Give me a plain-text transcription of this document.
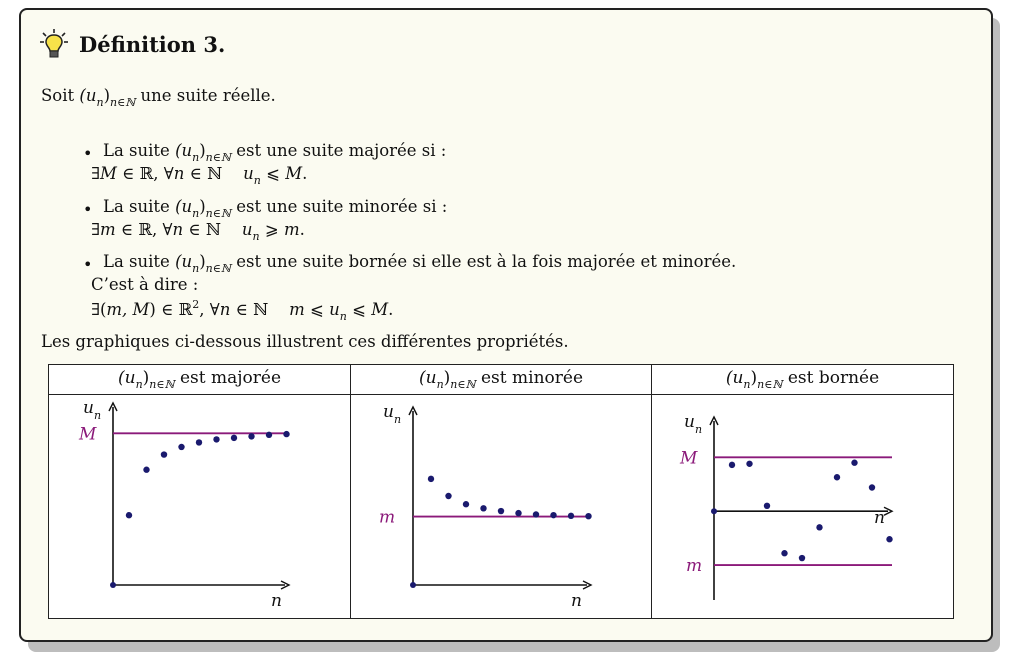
Définition 3.
Soit $(u_n)_{n\in ℕ}$ une suite réelle.
• La suite $(u_n)_{n\in ℕ}$ est une suite majorée si :
∃M ∈ ℝ, ∀n ∈ ℕ    $u_n$ ⩽ M.
• La suite $(u_n)_{n\in ℕ}$ est une suite minorée si :
∃m ∈ ℝ, ∀n ∈ ℕ    $u_n$ ⩾ m.
• La suite $(u_n)_{n\in ℕ}$ est une suite bornée si elle est à la fois majorée et minorée.
C’est à dire :
∃(m, M) ∈ ℝ$^2$, ∀n ∈ ℕ    m ⩽ $u_n$ ⩽ M.
Les graphiques ci-dessous illustrent ces différentes propriétés.
$(u_n)_{n\in ℕ}$ est majorée	$(u_n)_{n\in ℕ}$ est minorée	$(u_n)_{n\in ℕ}$ est bornée
u n
n
M
u n
n
m
u n
n
M
m
